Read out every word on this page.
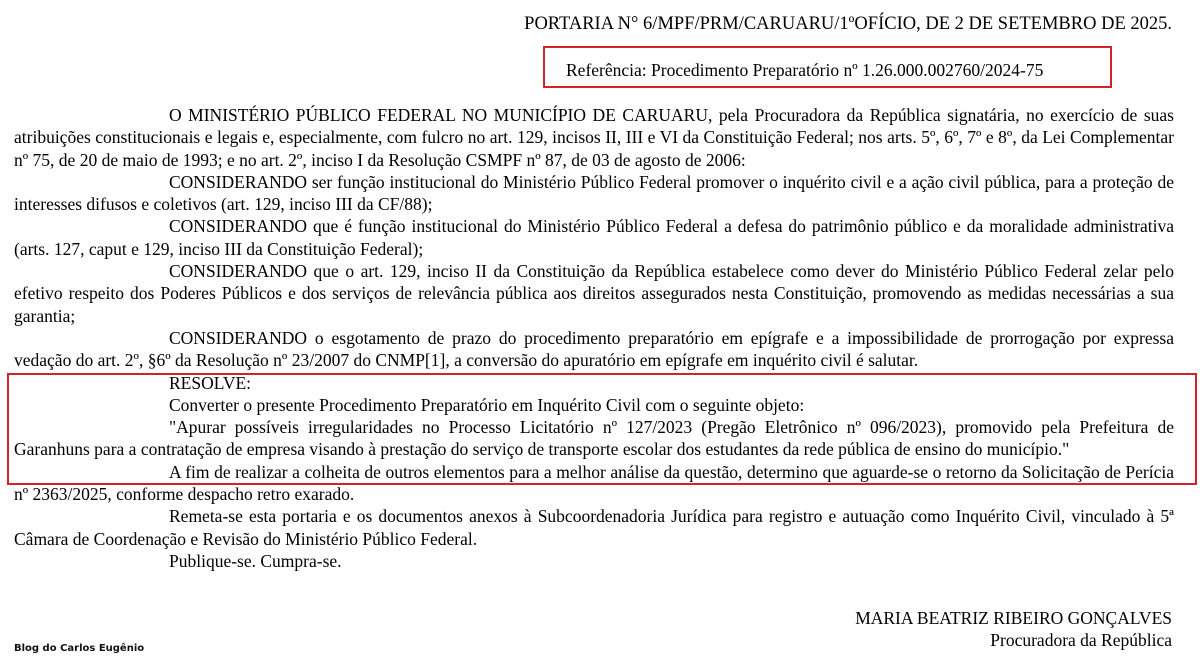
PORTARIA N° 6/MPF/PRM/CARUARU/1ºOFÍCIO, DE 2 DE SETEMBRO DE 2025.
Referência: Procedimento Preparatório nº 1.26.000.002760/2024-75

O MINISTÉRIO PÚBLICO FEDERAL NO MUNICÍPIO DE CARUARU, pela Procuradora da República signatária, no exercício de suas atribuições constitucionais e legais e, especialmente, com fulcro no art. 129, incisos II, III e VI da Constituição Federal; nos arts. 5º, 6º, 7º e 8º, da Lei Complementar nº 75, de 20 de maio de 1993; e no art. 2º, inciso I da Resolução CSMPF nº 87, de 03 de agosto de 2006:

CONSIDERANDO ser função institucional do Ministério Público Federal promover o inquérito civil e a ação civil pública, para a proteção de interesses difusos e coletivos (art. 129, inciso III da CF/88);

CONSIDERANDO que é função institucional do Ministério Público Federal a defesa do patrimônio público e da moralidade administrativa (arts. 127, caput e 129, inciso III da Constituição Federal);

CONSIDERANDO que o art. 129, inciso II da Constituição da República estabelece como dever do Ministério Público Federal zelar pelo efetivo respeito dos Poderes Públicos e dos serviços de relevância pública aos direitos assegurados nesta Constituição, promovendo as medidas necessárias a sua garantia;

CONSIDERANDO o esgotamento de prazo do procedimento preparatório em epígrafe e a impossibilidade de prorrogação por expressa vedação do art. 2º, §6º da Resolução nº 23/2007 do CNMP[1], a conversão do apuratório em epígrafe em inquérito civil é salutar.

RESOLVE:

Converter o presente Procedimento Preparatório em Inquérito Civil com o seguinte objeto:

"Apurar possíveis irregularidades no Processo Licitatório nº 127/2023 (Pregão Eletrônico nº 096/2023), promovido pela Prefeitura de Garanhuns para a contratação de empresa visando à prestação do serviço de transporte escolar dos estudantes da rede pública de ensino do município."

A fim de realizar a colheita de outros elementos para a melhor análise da questão, determino que aguarde-se o retorno da Solicitação de Perícia nº 2363/2025, conforme despacho retro exarado.

Remeta-se esta portaria e os documentos anexos à Subcoordenadoria Jurídica para registro e autuação como Inquérito Civil, vinculado à 5ª Câmara de Coordenação e Revisão do Ministério Público Federal.

Publique-se. Cumpra-se.

MARIA BEATRIZ RIBEIRO GONÇALVES
Procuradora da República
Blog do Carlos Eugênio
